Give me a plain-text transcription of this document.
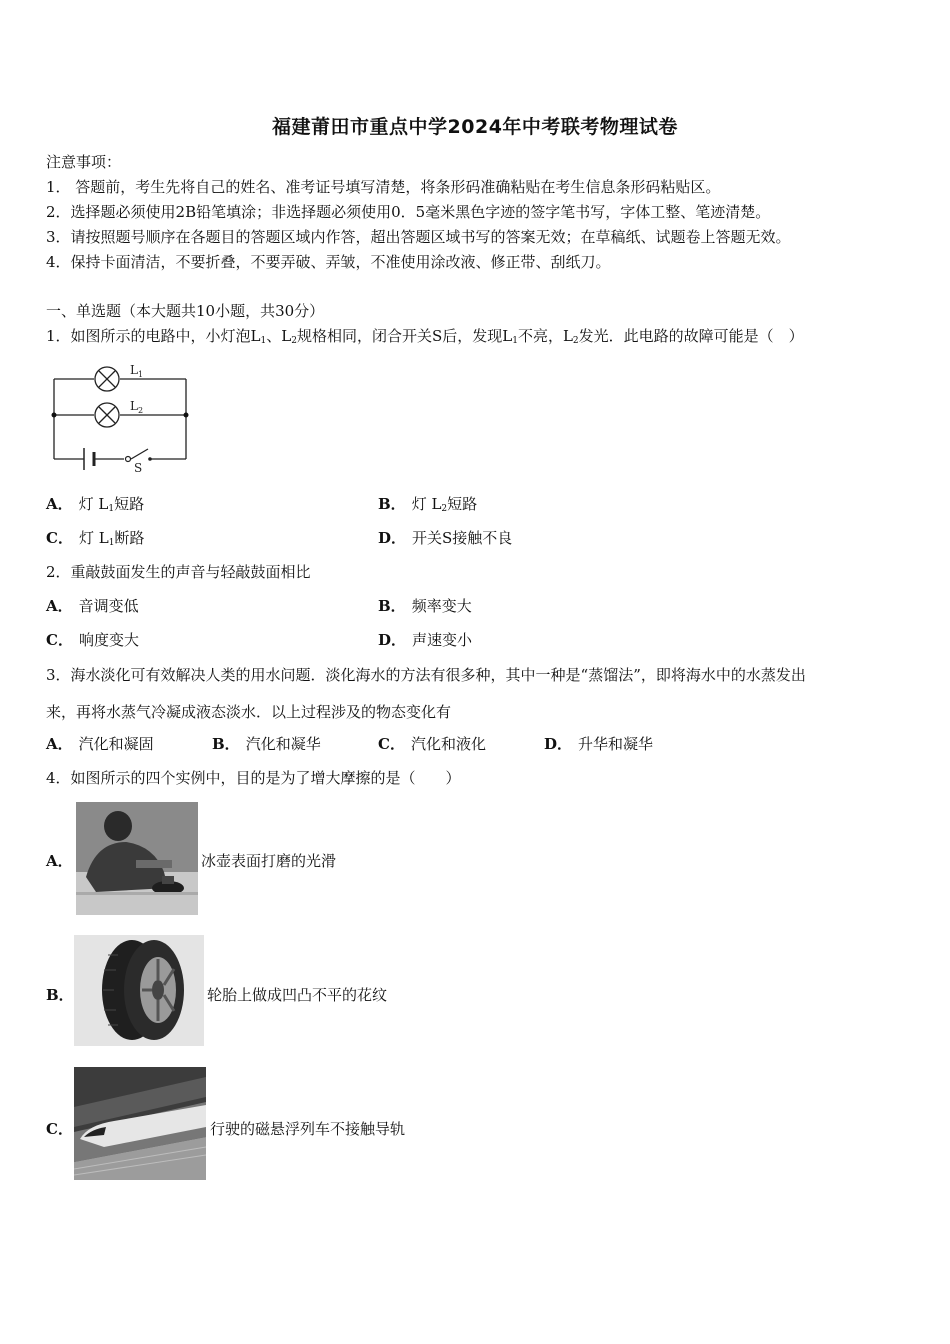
福建莆田市重点中学2024年中考联考物理试卷
注意事项：
1． 答题前，考生先将自己的姓名、准考证号填写清楚，将条形码准确粘贴在考生信息条形码粘贴区。
2．选择题必须使用2B铅笔填涂；非选择题必须使用0．5毫米黑色字迹的签字笔书写，字体工整、笔迹清楚。
3．请按照题号顺序在各题目的答题区域内作答，超出答题区域书写的答案无效；在草稿纸、试题卷上答题无效。
4．保持卡面清洁，不要折叠，不要弄破、弄皱，不准使用涂改液、修正带、刮纸刀。
一、单选题（本大题共10小题，共30分）
1．如图所示的电路中，小灯泡$L_1$、$L_2$规格相同，闭合开关S后，发现$L_1$不亮，$L_2$发光．此电路的故障可能是（　）
$L_1$
$L_2$
S
A． 灯 $L_1$短路	B． 灯 $L_2$短路
C． 灯 $L_1$断路	D． 开关S接触不良
2．重敲鼓面发生的声音与轻敲鼓面相比
A． 音调变低	B． 频率变大
C． 响度变大	D． 声速变小
3．海水淡化可有效解决人类的用水问题．淡化海水的方法有很多种，其中一种是“蒸馏法”，即将海水中的水蒸发出
来，再将水蒸气冷凝成液态淡水．以上过程涉及的物态变化有
A． 汽化和凝固	B． 汽化和凝华	C． 汽化和液化	D． 升华和凝华
4．如图所示的四个实例中，目的是为了增大摩擦的是（　　）
A．	冰壶表面打磨的光滑
B．	轮胎上做成凹凸不平的花纹
C．	行驶的磁悬浮列车不接触导轨
